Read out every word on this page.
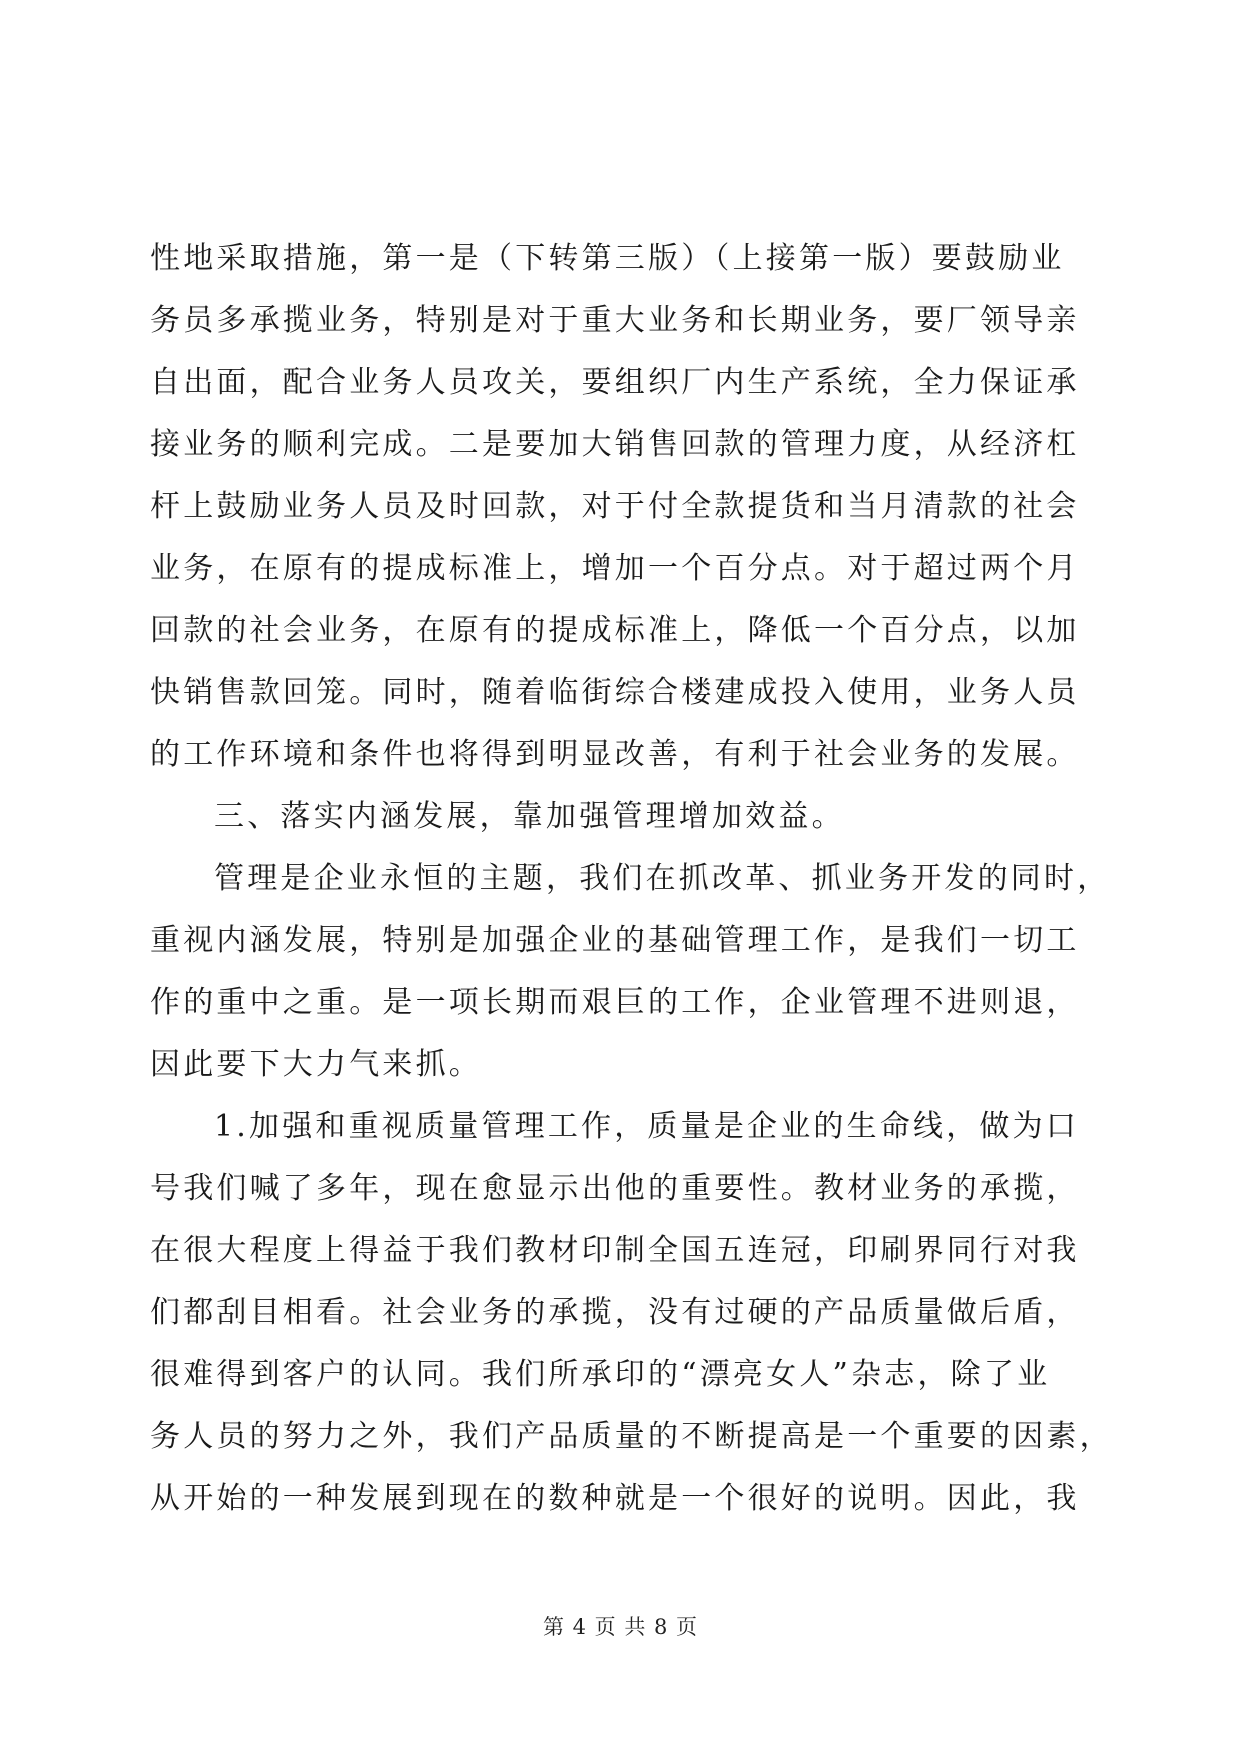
性地采取措施，第一是（下转第三版）（上接第一版）要鼓励业
务员多承揽业务，特别是对于重大业务和长期业务，要厂领导亲
自出面，配合业务人员攻关，要组织厂内生产系统，全力保证承
接业务的顺利完成。二是要加大销售回款的管理力度，从经济杠
杆上鼓励业务人员及时回款，对于付全款提货和当月清款的社会
业务，在原有的提成标准上，增加一个百分点。对于超过两个月
回款的社会业务，在原有的提成标准上，降低一个百分点，以加
快销售款回笼。同时，随着临街综合楼建成投入使用，业务人员
的工作环境和条件也将得到明显改善，有利于社会业务的发展。
三、落实内涵发展，靠加强管理增加效益。
管理是企业永恒的主题，我们在抓改革、抓业务开发的同时，
重视内涵发展，特别是加强企业的基础管理工作，是我们一切工
作的重中之重。是一项长期而艰巨的工作，企业管理不进则退，
因此要下大力气来抓。
1.加强和重视质量管理工作，质量是企业的生命线，做为口
号我们喊了多年，现在愈显示出他的重要性。教材业务的承揽，
在很大程度上得益于我们教材印制全国五连冠，印刷界同行对我
们都刮目相看。社会业务的承揽，没有过硬的产品质量做后盾，
很难得到客户的认同。我们所承印的“漂亮女人”杂志，除了业
务人员的努力之外，我们产品质量的不断提高是一个重要的因素，
从开始的一种发展到现在的数种就是一个很好的说明。因此，我
第 4 页 共 8 页
